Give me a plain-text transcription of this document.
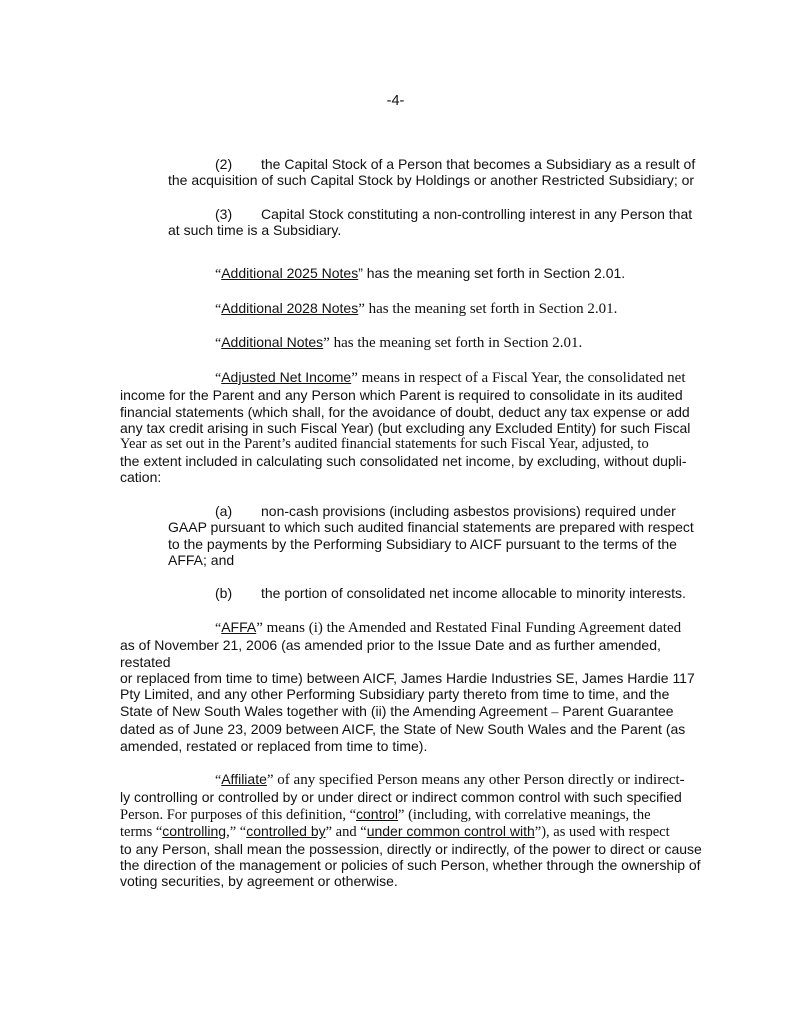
-4-
(2) the Capital Stock of a Person that becomes a Subsidiary as a result of
the acquisition of such Capital Stock by Holdings or another Restricted Subsidiary; or
(3) Capital Stock constituting a non-controlling interest in any Person that
at such time is a Subsidiary.

“Additional 2025 Notes” has the meaning set forth in Section 2.01.

“Additional 2028 Notes” has the meaning set forth in Section 2.01.

“Additional Notes” has the meaning set forth in Section 2.01.

“Adjusted Net Income” means in respect of a Fiscal Year, the consolidated net
income for the Parent and any Person which Parent is required to consolidate in its audited
financial statements (which shall, for the avoidance of doubt, deduct any tax expense or add
any tax credit arising in such Fiscal Year) (but excluding any Excluded Entity) for such Fiscal
Year as set out in the Parent’s audited financial statements for such Fiscal Year, adjusted, to
the extent included in calculating such consolidated net income, by excluding, without dupli-
cation:
(a) non-cash provisions (including asbestos provisions) required under
GAAP pursuant to which such audited financial statements are prepared with respect
to the payments by the Performing Subsidiary to AICF pursuant to the terms of the
AFFA; and
(b) the portion of consolidated net income allocable to minority interests.
“AFFA” means (i) the Amended and Restated Final Funding Agreement dated
as of November 21, 2006 (as amended prior to the Issue Date and as further amended, restated
or replaced from time to time) between AICF, James Hardie Industries SE, James Hardie 117
Pty Limited, and any other Performing Subsidiary party thereto from time to time, and the
State of New South Wales together with (ii) the Amending Agreement – Parent Guarantee
dated as of June 23, 2009 between AICF, the State of New South Wales and the Parent (as
amended, restated or replaced from time to time).
“Affiliate” of any specified Person means any other Person directly or indirect-
ly controlling or controlled by or under direct or indirect common control with such specified
Person. For purposes of this definition, “control” (including, with correlative meanings, the
terms “controlling,” “controlled by” and “under common control with”), as used with respect
to any Person, shall mean the possession, directly or indirectly, of the power to direct or cause
the direction of the management or policies of such Person, whether through the ownership of
voting securities, by agreement or otherwise.
